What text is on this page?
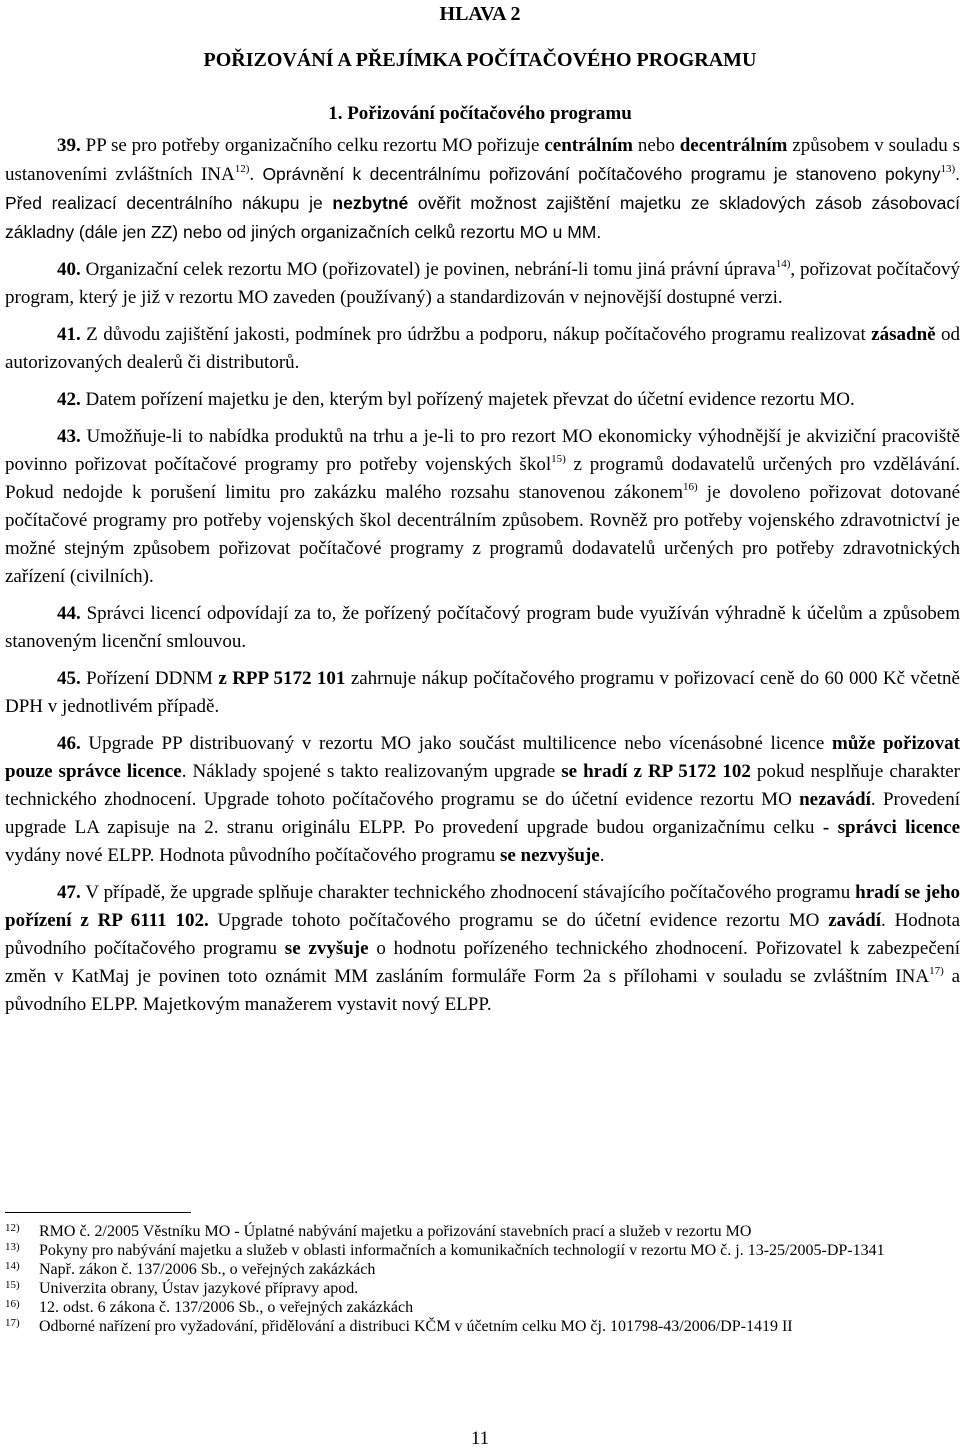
HLAVA 2
POŘIZOVÁNÍ A PŘEJÍMKA POČÍTAČOVÉHO PROGRAMU
1. Pořizování počítačového programu

39. PP se pro potřeby organizačního celku rezortu MO pořizuje centrálním nebo decentrálním způsobem v souladu s ustanoveními zvláštních INA$^{12)}$. Oprávnění k decentrálnímu pořizování počítačového programu je stanoveno pokyny$^{13)}$. Před realizací decentrálního nákupu je nezbytné ověřit možnost zajištění majetku ze skladových zásob zásobovací základny (dále jen ZZ) nebo od jiných organizačních celků rezortu MO u MM.

40. Organizační celek rezortu MO (pořizovatel) je povinen, nebrání-li tomu jiná právní úprava$^{14)}$, pořizovat počítačový program, který je již v rezortu MO zaveden (používaný) a standardizován v nejnovější dostupné verzi.

41. Z důvodu zajištění jakosti, podmínek pro údržbu a podporu, nákup počítačového programu realizovat zásadně od autorizovaných dealerů či distributorů.

42. Datem pořízení majetku je den, kterým byl pořízený majetek převzat do účetní evidence rezortu MO.

43. Umožňuje-li to nabídka produktů na trhu a je-li to pro rezort MO ekonomicky výhodnější je akviziční pracoviště povinno pořizovat počítačové programy pro potřeby vojenských škol$^{15)}$ z programů dodavatelů určených pro vzdělávání. Pokud nedojde k porušení limitu pro zakázku malého rozsahu stanovenou zákonem$^{16)}$ je dovoleno pořizovat dotované počítačové programy pro potřeby vojenských škol decentrálním způsobem. Rovněž pro potřeby vojenského zdravotnictví je možné stejným způsobem pořizovat počítačové programy z programů dodavatelů určených pro potřeby zdravotnických zařízení (civilních).

44. Správci licencí odpovídají za to, že pořízený počítačový program bude využíván výhradně k účelům a způsobem stanoveným licenční smlouvou.

45. Pořízení DDNM z RPP 5172 101 zahrnuje nákup počítačového programu v pořizovací ceně do 60 000 Kč včetně DPH v jednotlivém případě.

46. Upgrade PP distribuovaný v rezortu MO jako součást multilicence nebo vícenásobné licence může pořizovat pouze správce licence. Náklady spojené s takto realizovaným upgrade se hradí z RP 5172 102 pokud nesplňuje charakter technického zhodnocení. Upgrade tohoto počítačového programu se do účetní evidence rezortu MO nezavádí. Provedení upgrade LA zapisuje na 2. stranu originálu ELPP. Po provedení upgrade budou organizačnímu celku - správci licence vydány nové ELPP. Hodnota původního počítačového programu se nezvyšuje.

47. V případě, že upgrade splňuje charakter technického zhodnocení stávajícího počítačového programu hradí se jeho pořízení z RP 6111 102. Upgrade tohoto počítačového programu se do účetní evidence rezortu MO zavádí. Hodnota původního počítačového programu se zvyšuje o hodnotu pořízeného technického zhodnocení. Pořizovatel k zabezpečení změn v KatMaj je povinen toto oznámit MM zasláním formuláře Form 2a s přílohami v souladu se zvláštním INA$^{17)}$ a původního ELPP. Majetkovým manažerem vystavit nový ELPP.

12)	RMO č. 2/2005 Věstníku MO - Úplatné nabývání majetku a pořizování stavebních prací a služeb v rezortu MO
13)	Pokyny pro nabývání majetku a služeb v oblasti informačních a komunikačních technologií v rezortu MO č. j. 13-25/2005-DP-1341
14)	Např. zákon č. 137/2006 Sb., o veřejných zakázkách
15)	Univerzita obrany, Ústav jazykové přípravy apod.
16)	12. odst. 6 zákona č. 137/2006 Sb., o veřejných zakázkách
17)	Odborné nařízení pro vyžadování, přidělování a distribuci KČM v účetním celku MO čj. 101798-43/2006/DP-1419 II
11
